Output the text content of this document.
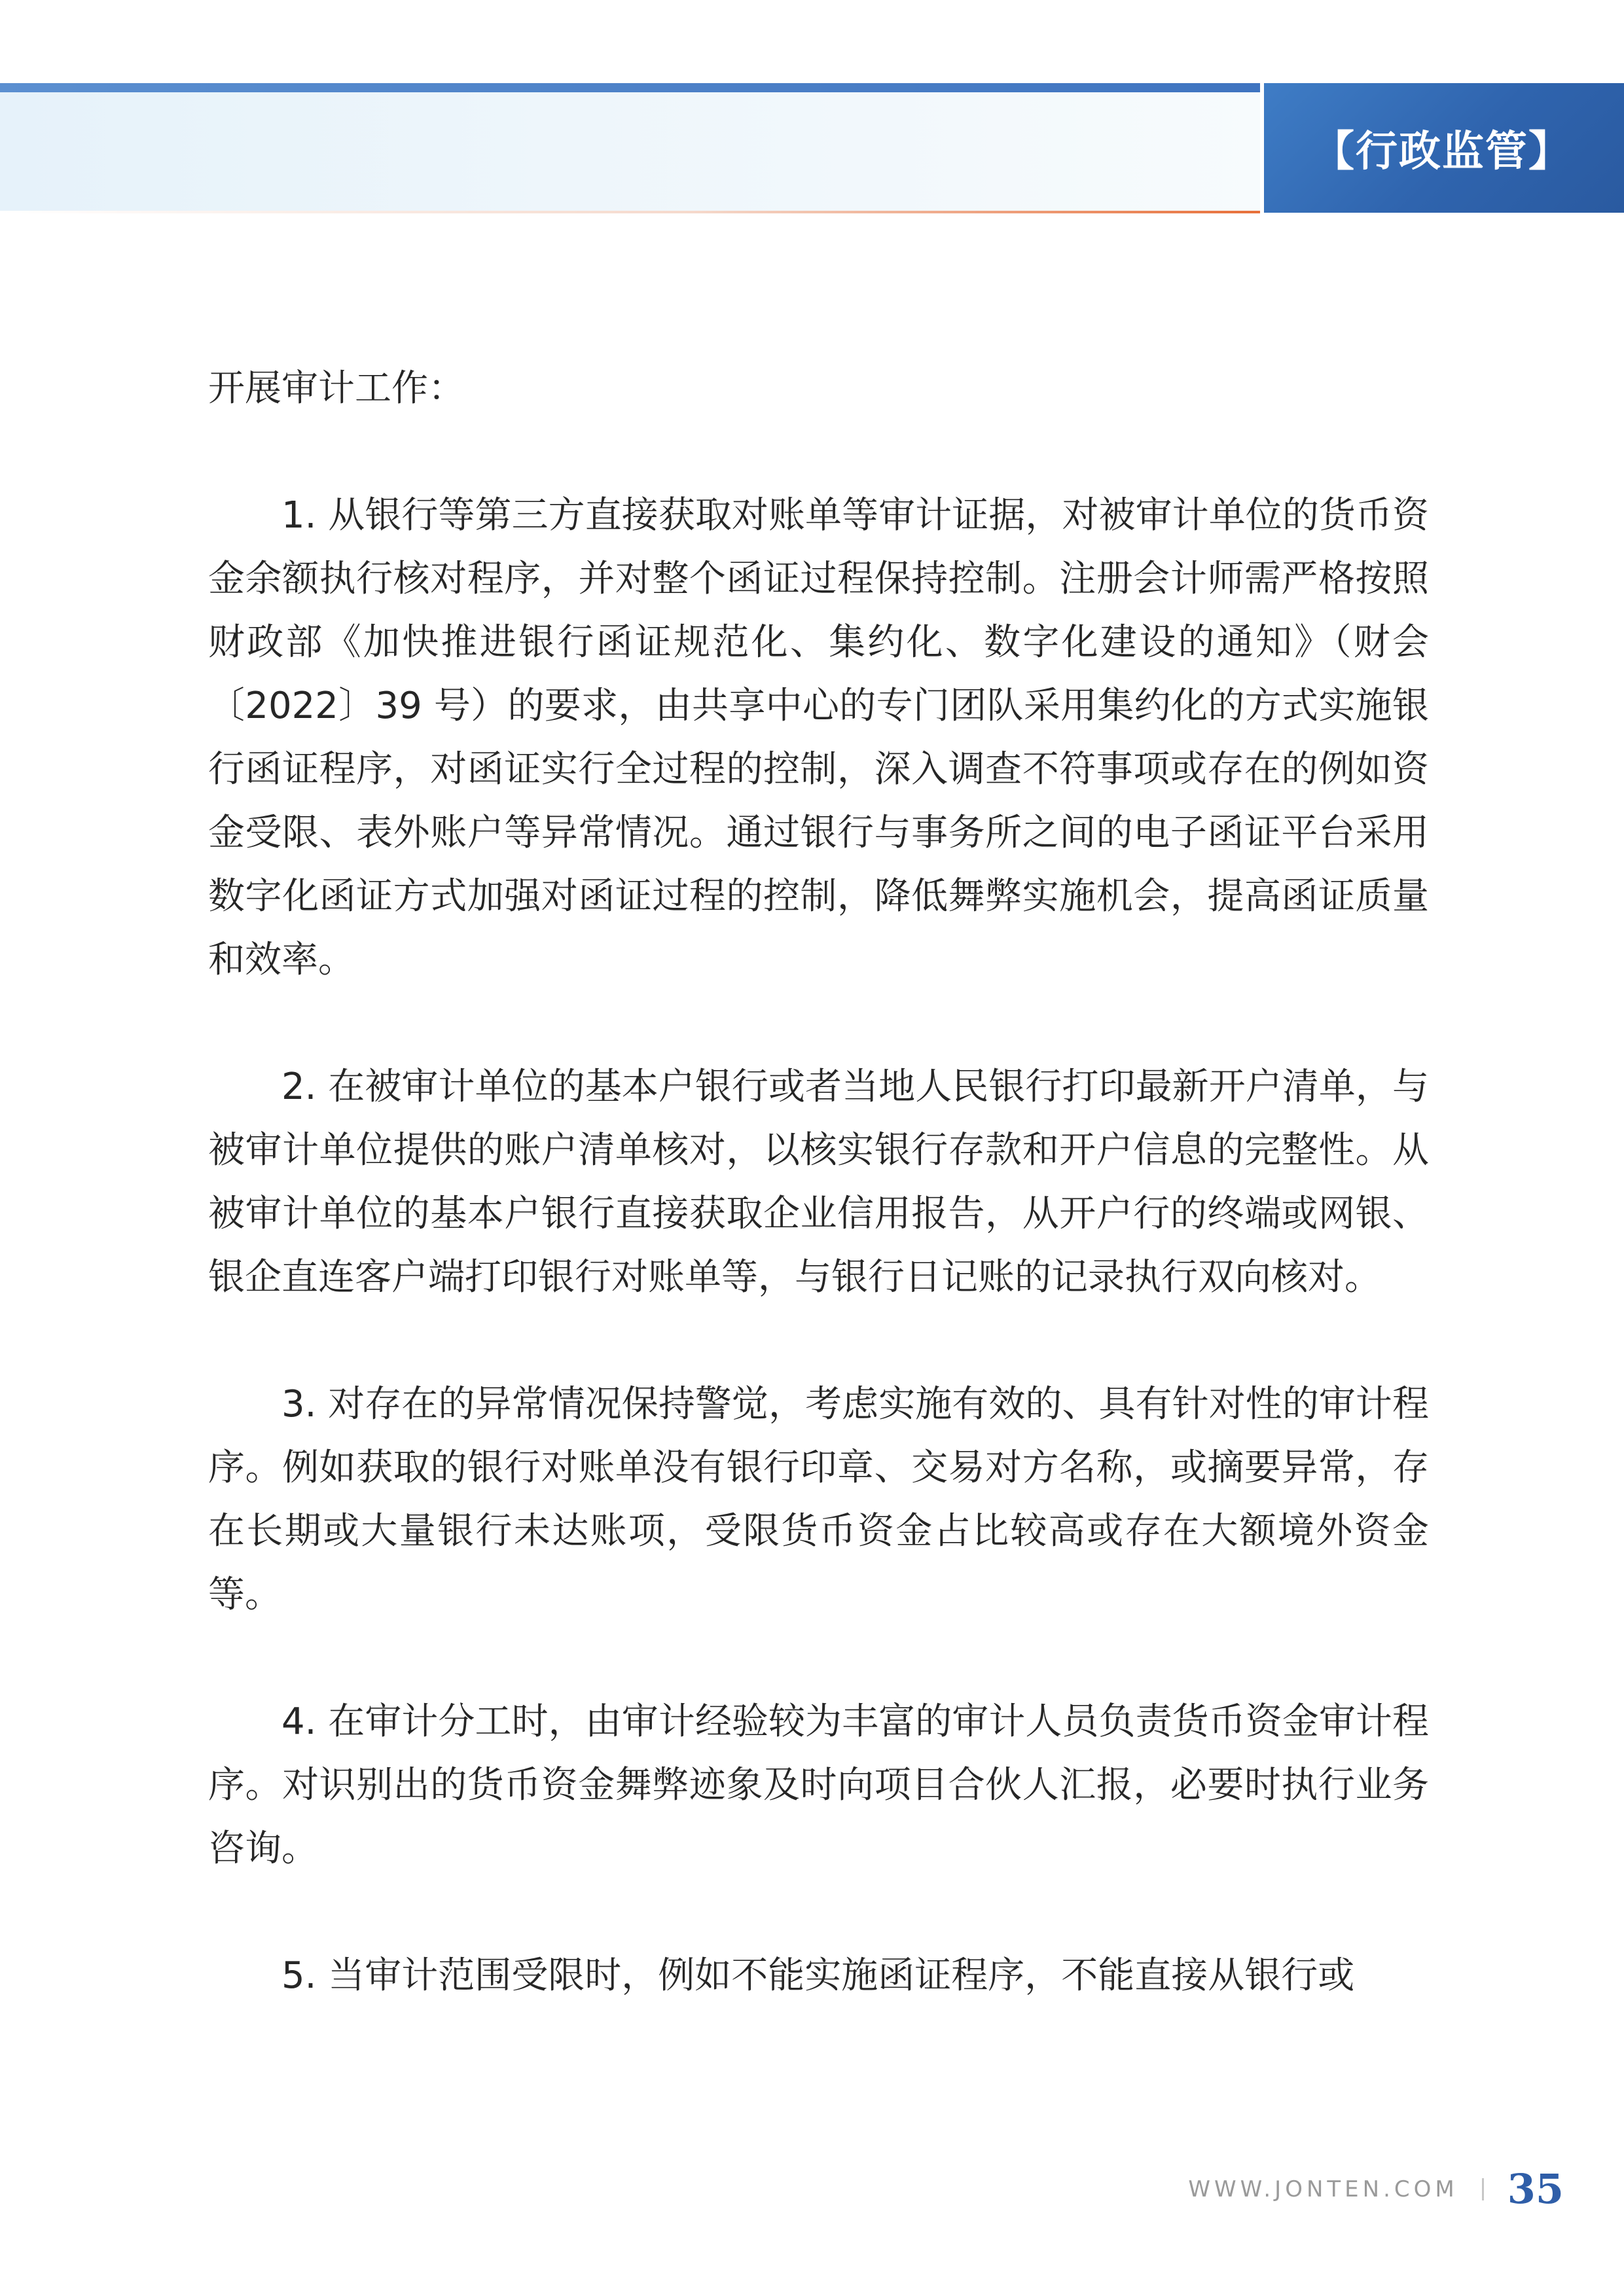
【行政监管】

开展审计工作：

1. 从银行等第三方直接获取对账单等审计证据，对被审计单位的货币资金余额执行核对程序，并对整个函证过程保持控制。注册会计师需严格按照财政部《加快推进银行函证规范化、集约化、数字化建设的通知》（财会〔2022〕39 号）的要求，由共享中心的专门团队采用集约化的方式实施银行函证程序，对函证实行全过程的控制，深入调查不符事项或存在的例如资金受限、表外账户等异常情况。通过银行与事务所之间的电子函证平台采用数字化函证方式加强对函证过程的控制，降低舞弊实施机会，提高函证质量和效率。

2. 在被审计单位的基本户银行或者当地人民银行打印最新开户清单，与被审计单位提供的账户清单核对，以核实银行存款和开户信息的完整性。从被审计单位的基本户银行直接获取企业信用报告，从开户行的终端或网银、银企直连客户端打印银行对账单等，与银行日记账的记录执行双向核对。

3. 对存在的异常情况保持警觉，考虑实施有效的、具有针对性的审计程序。例如获取的银行对账单没有银行印章、交易对方名称，或摘要异常，存在长期或大量银行未达账项，受限货币资金占比较高或存在大额境外资金等。

4. 在审计分工时，由审计经验较为丰富的审计人员负责货币资金审计程序。对识别出的货币资金舞弊迹象及时向项目合伙人汇报，必要时执行业务咨询。

5. 当审计范围受限时，例如不能实施函证程序，不能直接从银行或

WWW.JONTEN.COM 35
